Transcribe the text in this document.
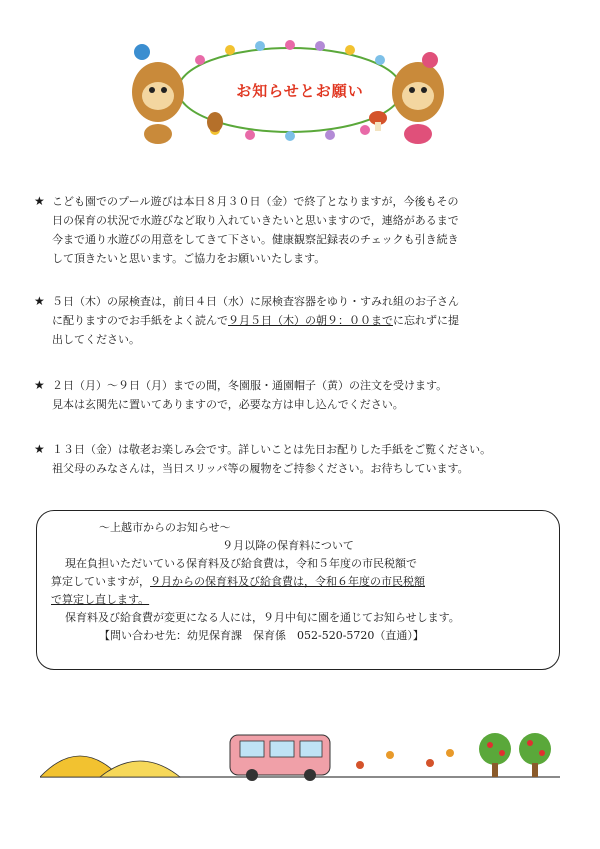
お知らせとお願い
★ こども園でのプール遊びは本日８月３０日（金）で終了となりますが，今後もその

日の保育の状況で水遊びなど取り入れていきたいと思いますので，連絡があるまで

今まで通り水遊びの用意をしてきて下さい。健康観察記録表のチェックも引き続き

して頂きたいと思います。ご協力をお願いいたします。

★ ５日（木）の尿検査は，前日４日（水）に尿検査容器をゆり・すみれ組のお子さん

に配りますのでお手紙をよく読んで９月５日（木）の朝９：００までに忘れずに提

出してください。

★ ２日（月）～９日（月）までの間，冬園服・通園帽子（黄）の注文を受けます。

見本は玄関先に置いてありますので，必要な方は申し込んでください。

★ １３日（金）は敬老お楽しみ会です。詳しいことは先日お配りした手紙をご覧ください。

祖父母のみなさんは，当日スリッパ等の履物をご持参ください。お待ちしています。

～上越市からのお知らせ～

９月以降の保育料について

現在負担いただいている保育料及び給食費は，令和５年度の市民税額で

算定していますが，９月からの保育料及び給食費は，令和６年度の市民税額

で算定し直します。

保育料及び給食費が変更になる人には，９月中旬に園を通じてお知らせします。

【問い合わせ先：幼児保育課　保育係　052-520-5720（直通）】
